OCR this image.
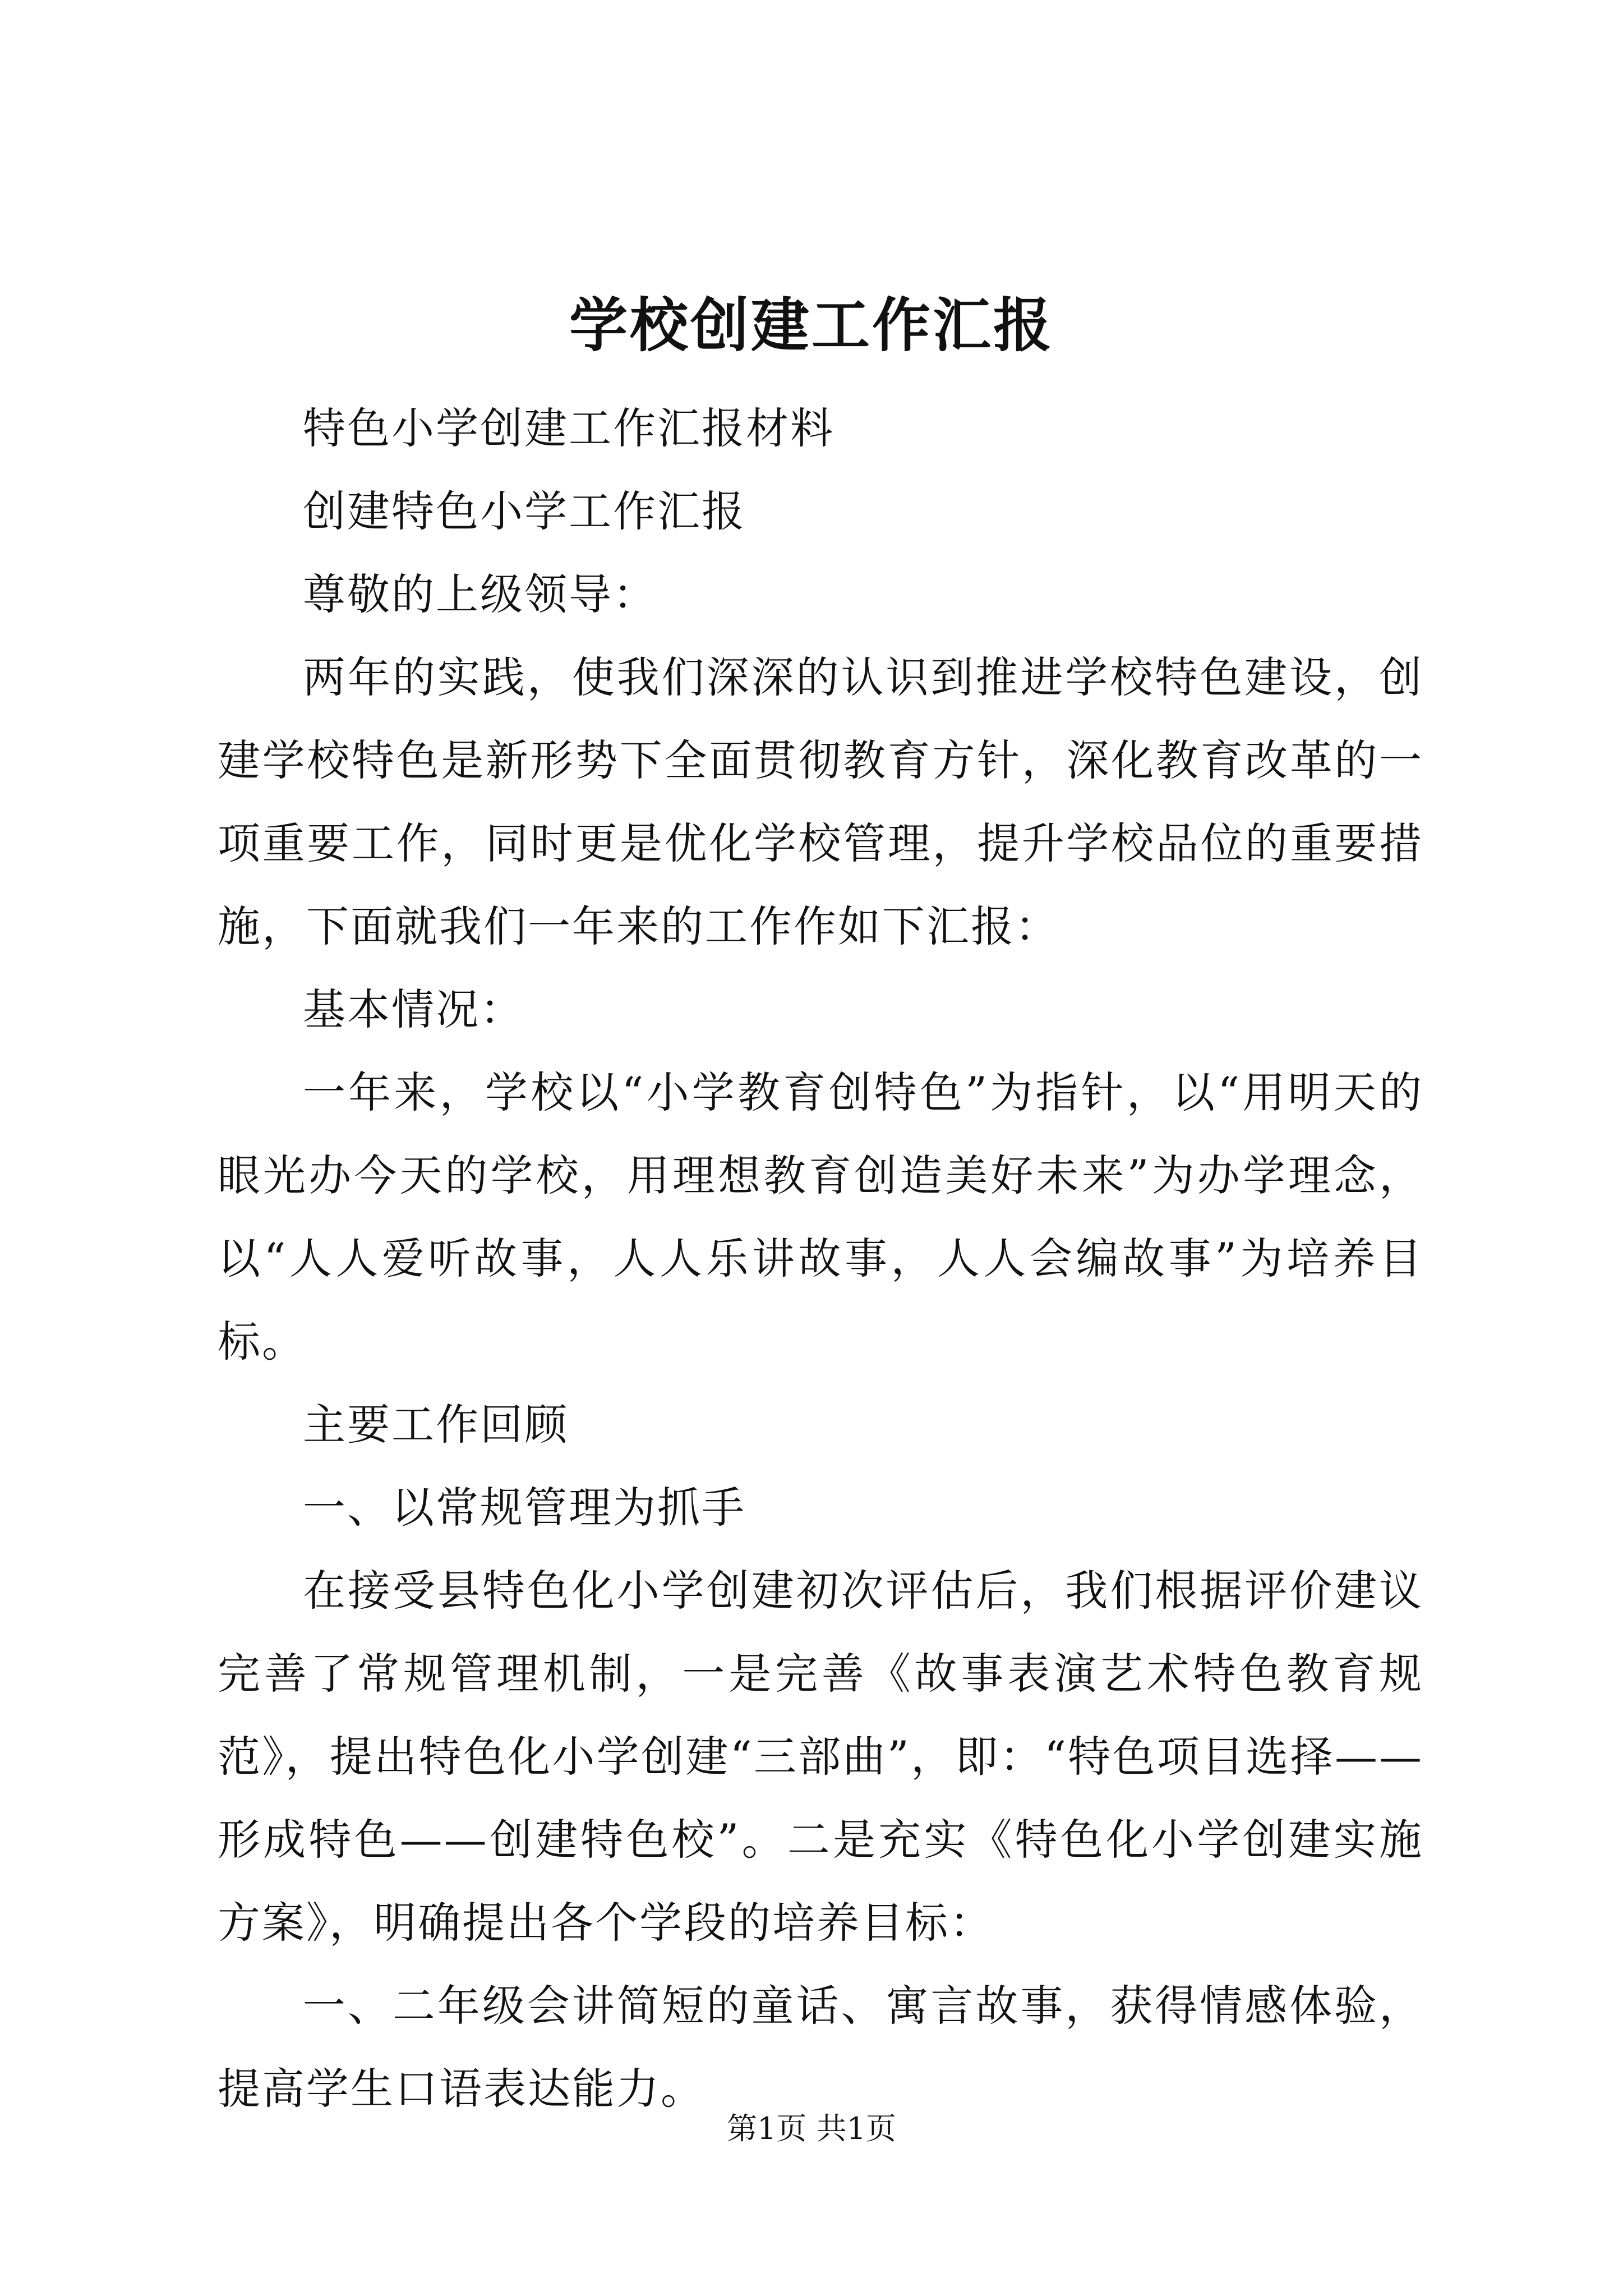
学校创建工作汇报

特色小学创建工作汇报材料

创建特色小学工作汇报

尊敬的上级领导：

两年的实践，使我们深深的认识到推进学校特色建设，创建学校特色是新形势下全面贯彻教育方针，深化教育改革的一项重要工作，同时更是优化学校管理，提升学校品位的重要措施，下面就我们一年来的工作作如下汇报：

基本情况：

一年来，学校以“小学教育创特色”为指针，以“用明天的眼光办今天的学校，用理想教育创造美好未来”为办学理念，以“人人爱听故事，人人乐讲故事，人人会编故事”为培养目标。

主要工作回顾

一、以常规管理为抓手

在接受县特色化小学创建初次评估后，我们根据评价建议完善了常规管理机制，一是完善《故事表演艺术特色教育规范》，提出特色化小学创建“三部曲”，即：“特色项目选择——形成特色——创建特色校”。二是充实《特色化小学创建实施方案》，明确提出各个学段的培养目标：

一、二年级会讲简短的童话、寓言故事，获得情感体验，提高学生口语表达能力。

第1页 共1页
